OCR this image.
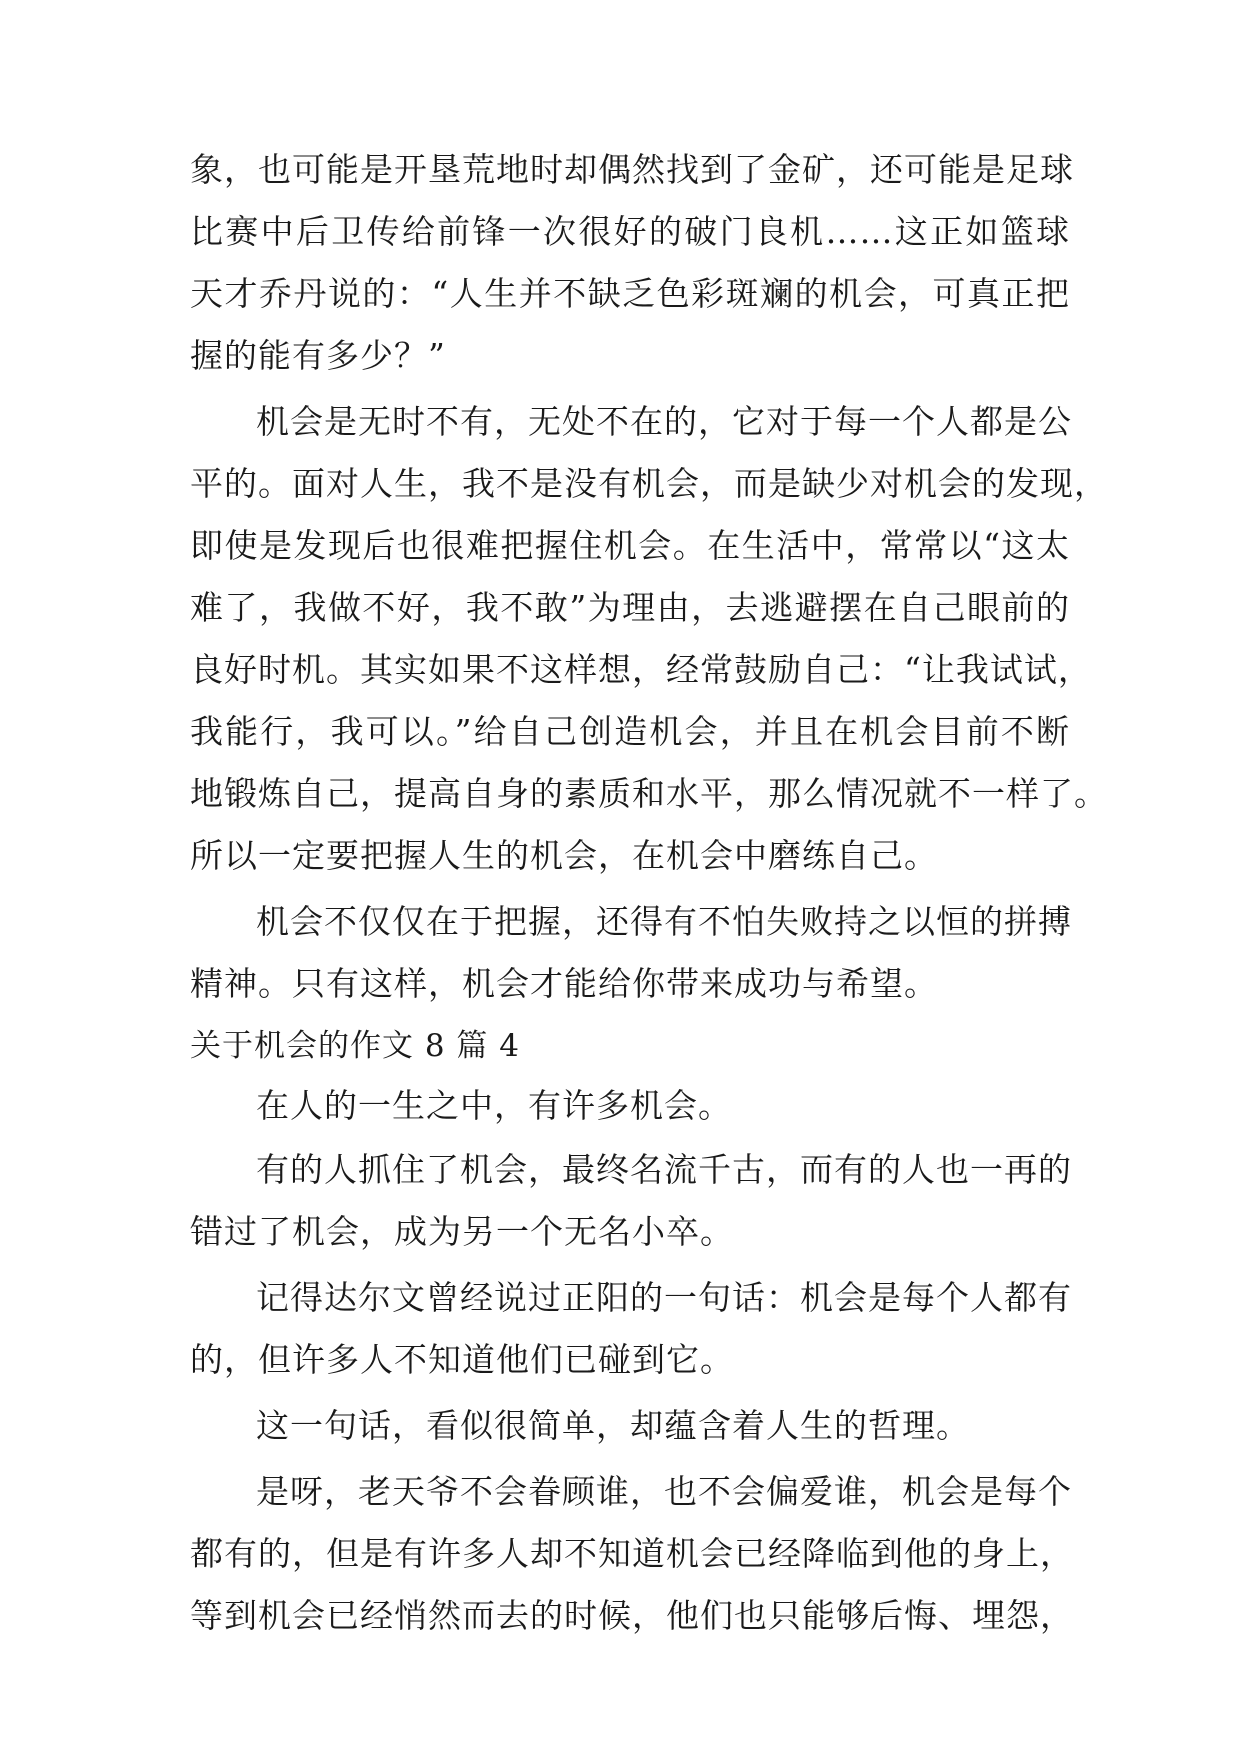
象，也可能是开垦荒地时却偶然找到了金矿，还可能是足球
比赛中后卫传给前锋一次很好的破门良机……这正如篮球
天才乔丹说的：“人生并不缺乏色彩斑斓的机会，可真正把
握的能有多少？”
机会是无时不有，无处不在的，它对于每一个人都是公
平的。面对人生，我不是没有机会，而是缺少对机会的发现，
即使是发现后也很难把握住机会。在生活中，常常以“这太
难了，我做不好，我不敢”为理由，去逃避摆在自己眼前的
良好时机。其实如果不这样想，经常鼓励自己：“让我试试，
我能行，我可以。”给自己创造机会，并且在机会目前不断
地锻炼自己，提高自身的素质和水平，那么情况就不一样了。
所以一定要把握人生的机会，在机会中磨练自己。
机会不仅仅在于把握，还得有不怕失败持之以恒的拼搏
精神。只有这样，机会才能给你带来成功与希望。
关于机会的作文 8 篇 4
在人的一生之中，有许多机会。
有的人抓住了机会，最终名流千古，而有的人也一再的
错过了机会，成为另一个无名小卒。
记得达尔文曾经说过正阳的一句话：机会是每个人都有
的，但许多人不知道他们已碰到它。
这一句话，看似很简单，却蕴含着人生的哲理。
是呀，老天爷不会眷顾谁，也不会偏爱谁，机会是每个
都有的，但是有许多人却不知道机会已经降临到他的身上，
等到机会已经悄然而去的时候，他们也只能够后悔、埋怨，
